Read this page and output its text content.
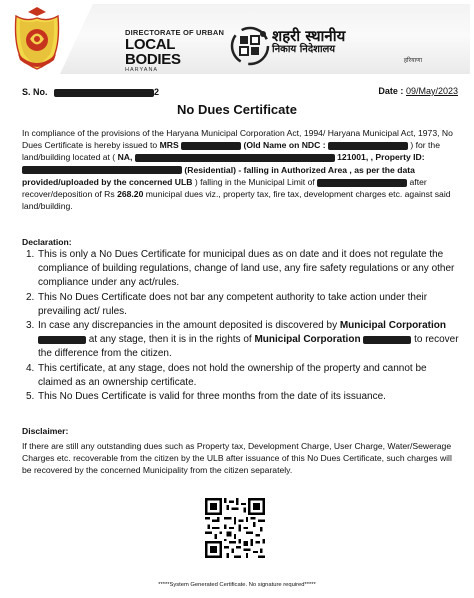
DIRECTORATE OF URBAN
LOCAL BODIES
HARYANA
शहरी स्थानीय
निकाय निदेशालय
हरियाणा
S. No.	2	Date : 09/May/2023
No Dues Certificate
In compliance of the provisions of the Haryana Municipal Corporation Act, 1994/ Haryana Municipal Act, 1973, No Dues Certificate is hereby issued to MRS	(Old Name on NDC :	) for the land/building located at ( NA,	121001, , Property ID:  (Residential) - falling in Authorized Area , as per the data provided/uploaded by the concerned ULB ) falling in the Municipal Limit of	after recover/deposition of Rs 268.20 municipal dues viz., property tax, fire tax, development charges etc. against said land/building.
Declaration:
1. This is only a No Dues Certificate for municipal dues as on date and it does not regulate the compliance of building regulations, change of land use, any fire safety regulations or any other compliance under any act/rules.
2. This No Dues Certificate does not bar any competent authority to take action under their prevailing act/ rules.
3. In case any discrepancies in the amount deposited is discovered by Municipal Corporation  at any stage, then it is in the rights of Municipal Corporation	to recover the difference from the citizen.
4. This certificate, at any stage, does not hold the ownership of the property and cannot be claimed as an ownership certificate.
5. This No Dues Certificate is valid for three months from the date of its issuance.
Disclaimer:
If there are still any outstanding dues such as Property tax, Development Charge, User Charge, Water/Sewerage Charges etc. recoverable from the citizen by the ULB after issuance of this No Dues Certificate, such charges will be recovered by the concerned Municipality from the citizen separately.
*****System Generated Certificate. No signature required*****
